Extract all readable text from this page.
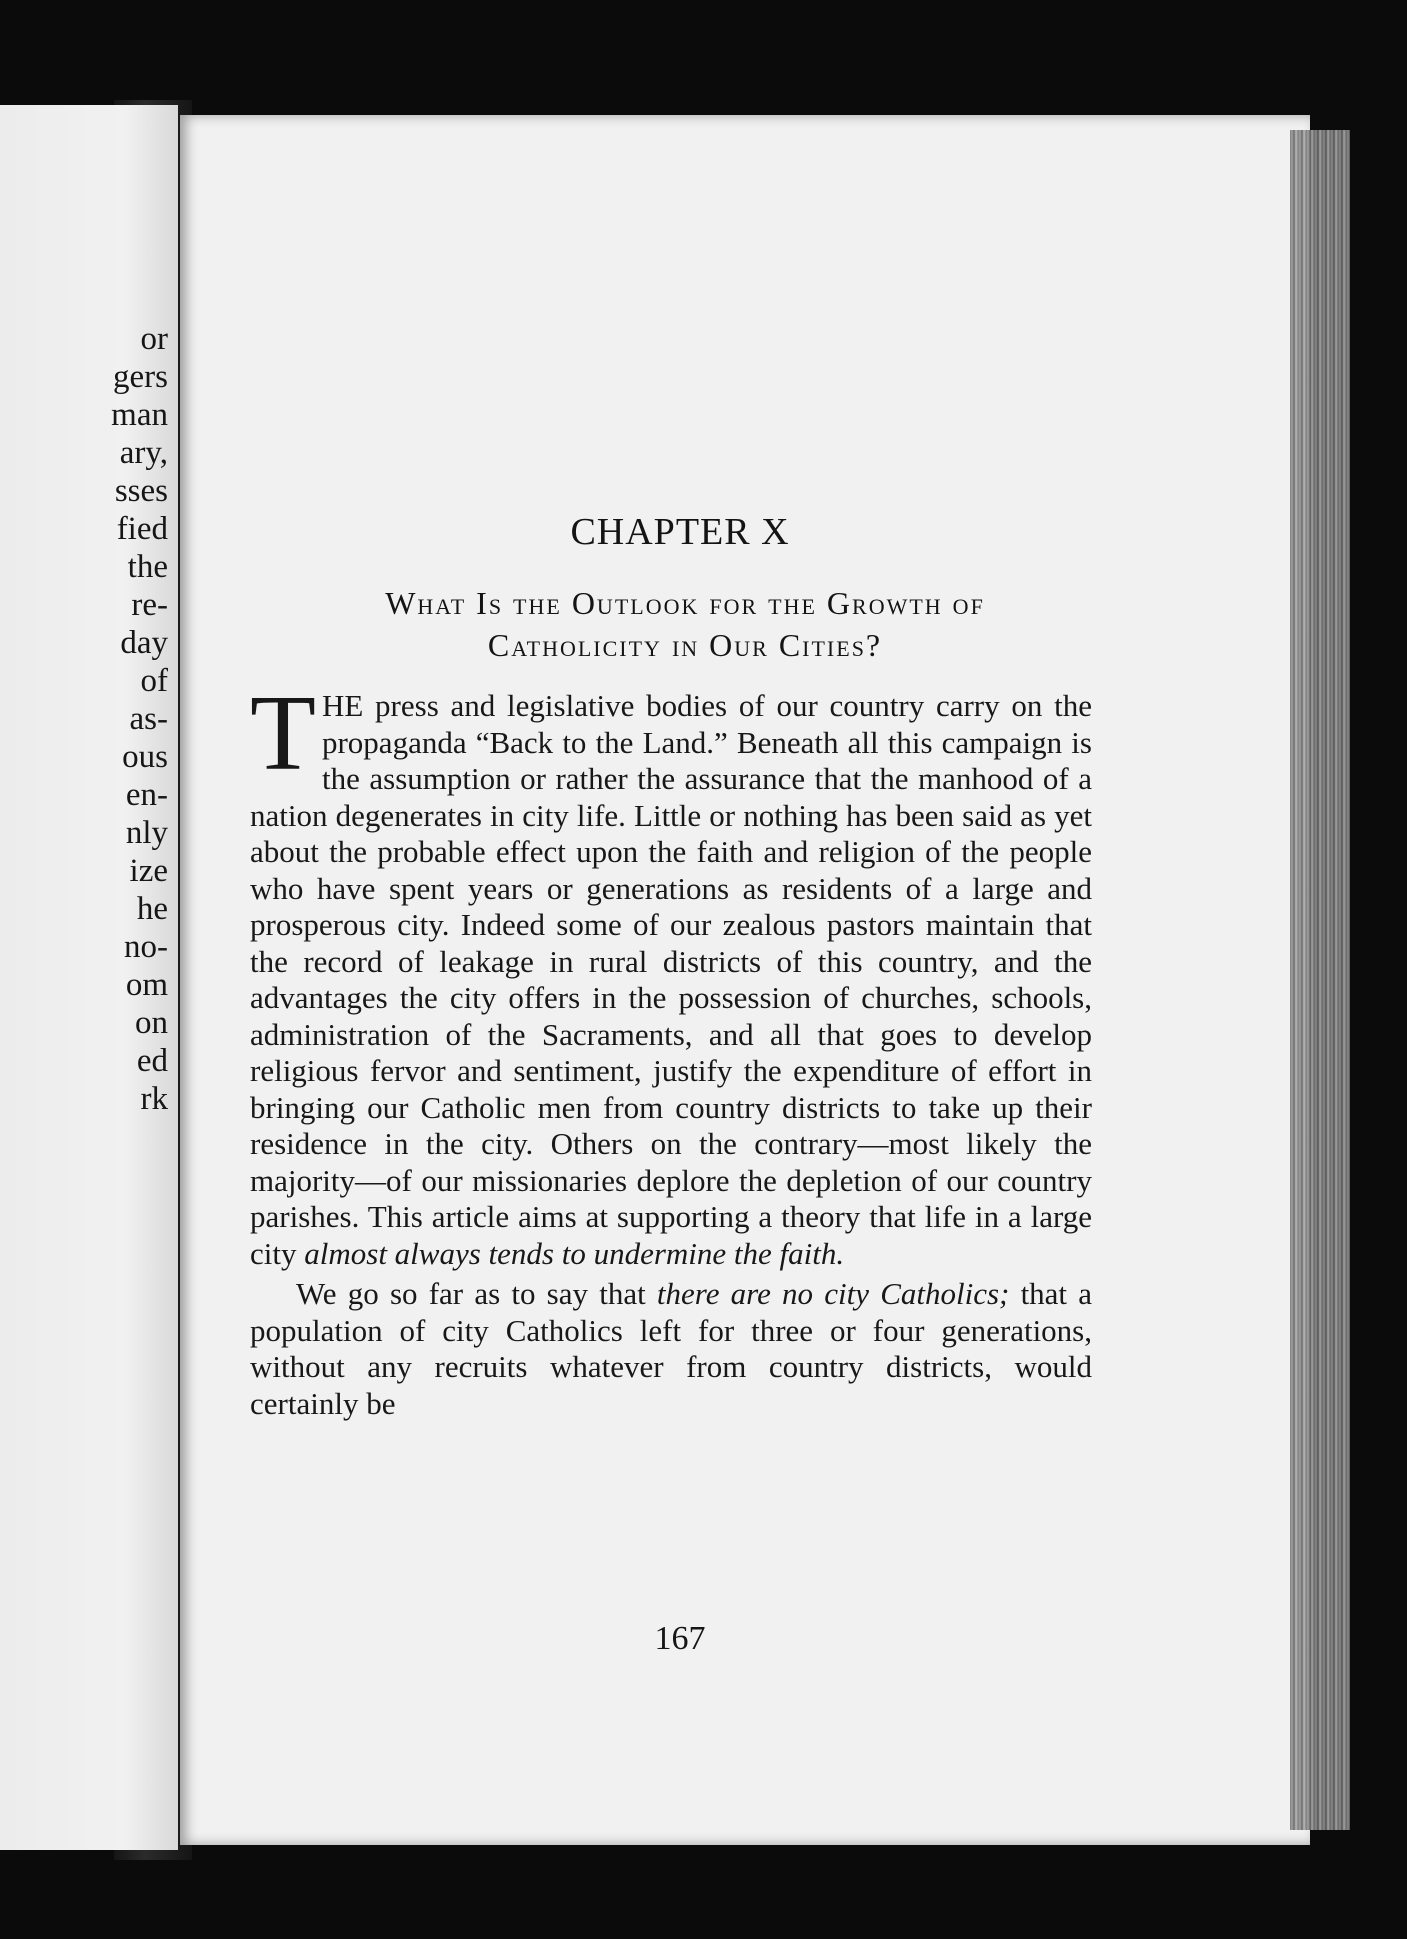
or
gers
man
ary,
sses
fied
the
re-
day
of
as-
ous
en-
nly
ize
he
no-
om
on
ed
rk
CHAPTER X
What Is the Outlook for the Growth of
Catholicity in Our Cities?

THE press and legislative bodies of our country carry on the propaganda “Back to the Land.” Beneath all this campaign is the assumption or rather the assurance that the manhood of a nation degenerates in city life. Little or nothing has been said as yet about the probable effect upon the faith and religion of the people who have spent years or generations as residents of a large and prosperous city. Indeed some of our zealous pastors maintain that the record of leakage in rural districts of this country, and the advantages the city offers in the possession of churches, schools, administration of the Sacraments, and all that goes to develop religious fervor and sentiment, justify the expenditure of effort in bringing our Catholic men from country districts to take up their residence in the city. Others on the contrary—most likely the majority—of our missionaries deplore the depletion of our country parishes. This article aims at supporting a theory that life in a large city almost always tends to undermine the faith.

We go so far as to say that there are no city Catholics; that a population of city Catholics left for three or four generations, without any recruits whatever from country districts, would certainly be

167
